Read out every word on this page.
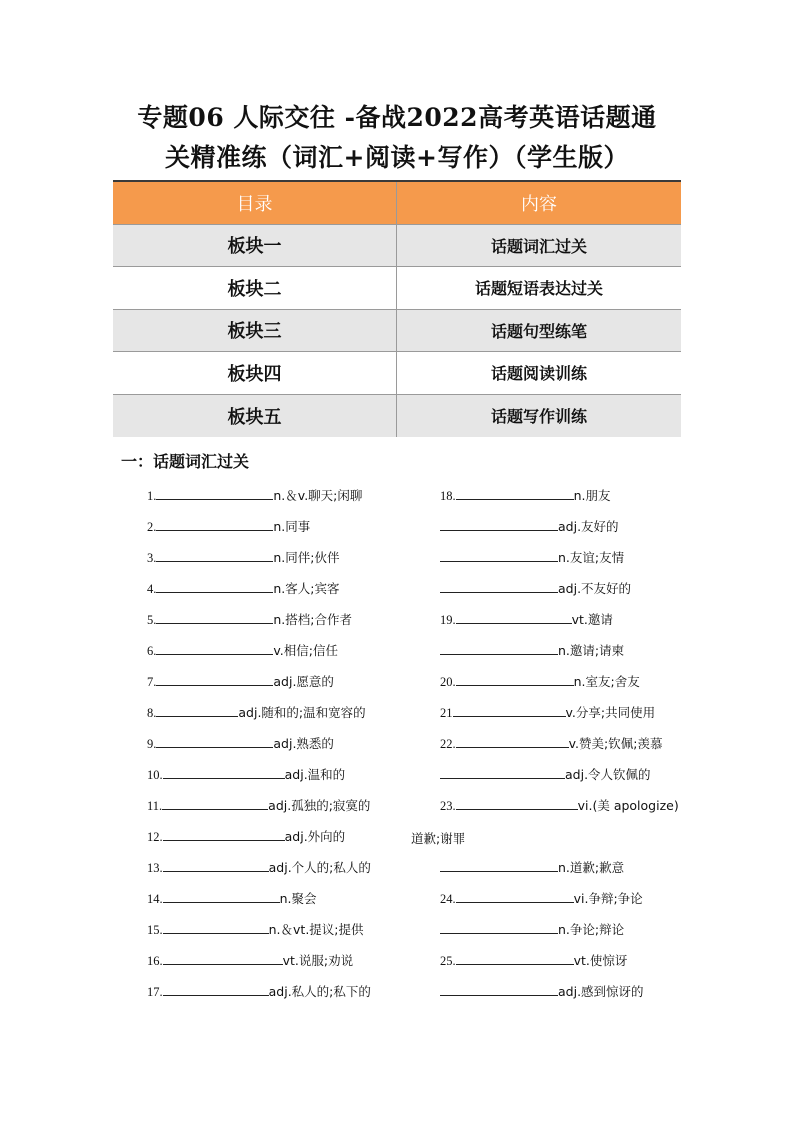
专题06 人际交往 -备战2022高考英语话题通
关精准练（词汇+阅读+写作）（学生版）
目录	内容
板块一	话题词汇过关
板块二	话题短语表达过关
板块三	话题句型练笔
板块四	话题阅读训练
板块五	话题写作训练
一：话题词汇过关
1.	n.＆v.聊天;闲聊
2.	n.同事
3.	n.同伴;伙伴
4.	n.客人;宾客
5.	n.搭档;合作者
6.	v.相信;信任
7.	adj.愿意的
8.	adj.随和的;温和宽容的
9.	adj.熟悉的
10.	adj.温和的
11.	adj.孤独的;寂寞的
12.	adj.外向的
13.	adj.个人的;私人的
14.	n.聚会
15.	n.＆vt.提议;提供
16.	vt.说服;劝说
17.	adj.私人的;私下的
18.	n.朋友
adj.友好的
n.友谊;友情
adj.不友好的
19.	vt.邀请
n.邀请;请柬
20.	n.室友;舍友
21	v.分享;共同使用
22.	v.赞美;钦佩;羡慕
adj.令人钦佩的
23.	vi.(美 apologize)
n.道歉;歉意
24.	vi.争辩;争论
n.争论;辩论
25.	vt.使惊讶
adj.感到惊讶的
道歉;谢罪
